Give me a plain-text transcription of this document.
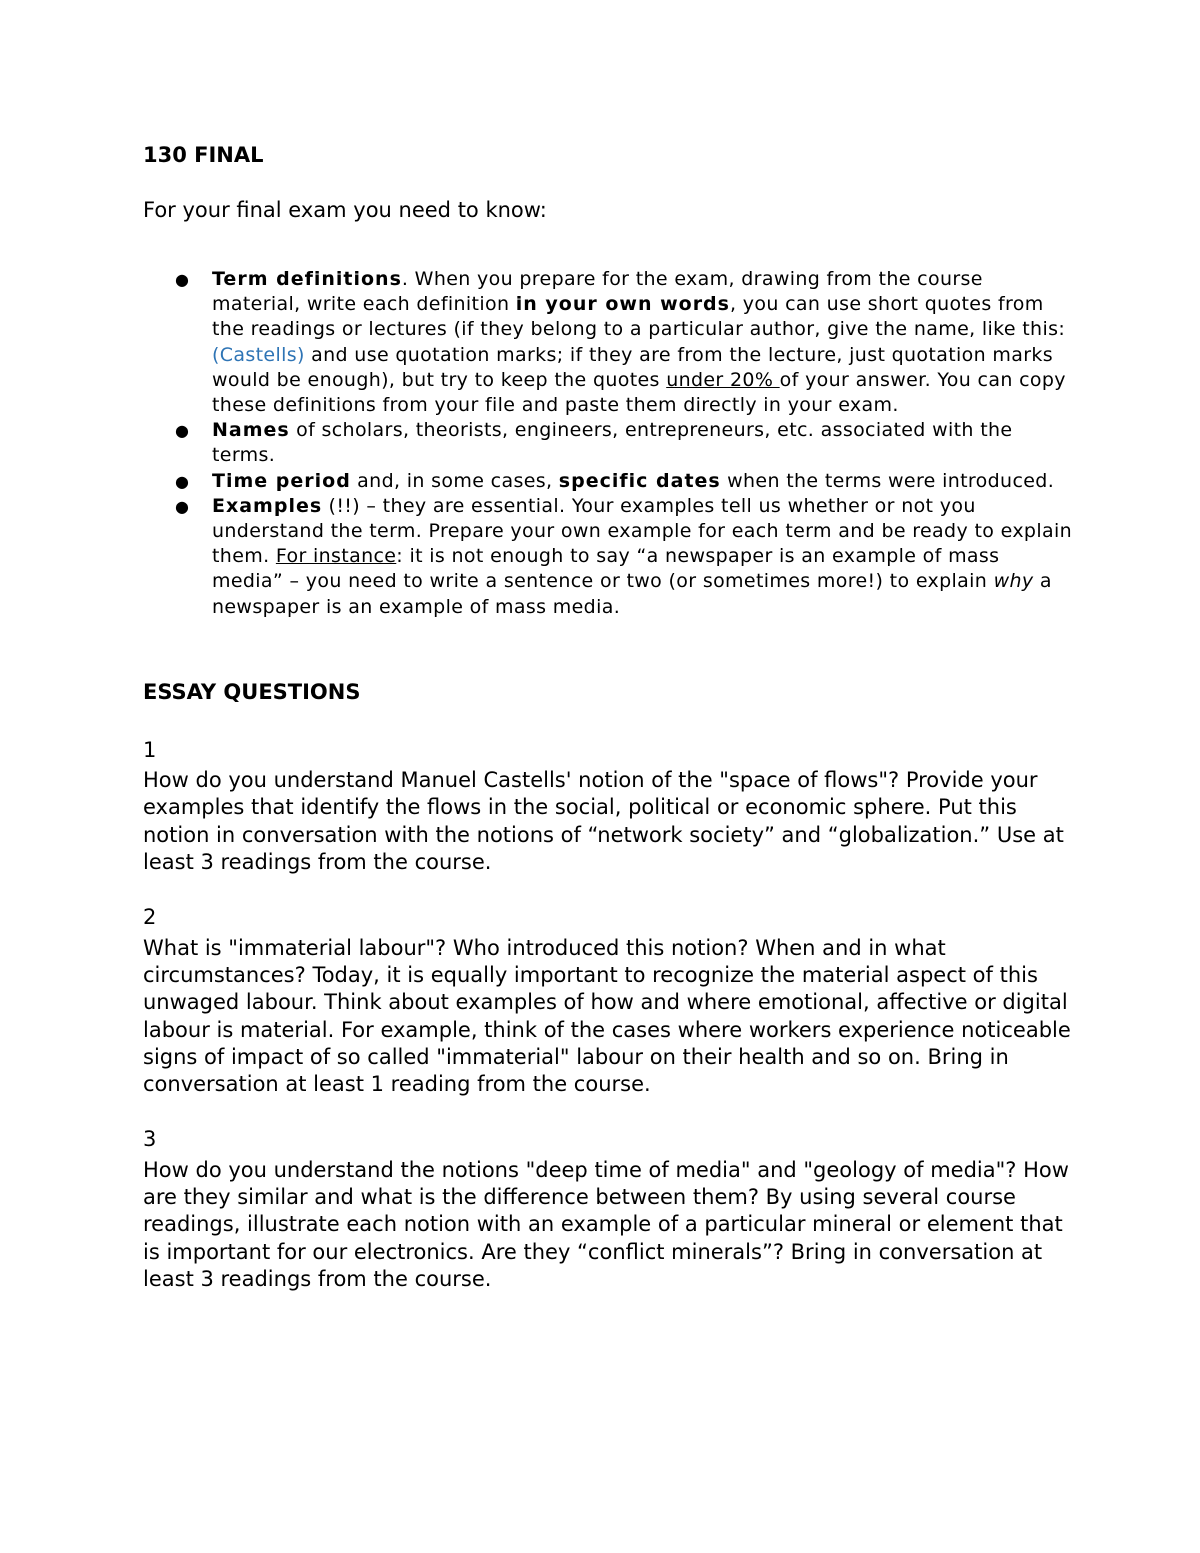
130 FINAL

For your final exam you need to know:

● Term definitions. When you prepare for the exam, drawing from the course material, write each definition in your own words, you can use short quotes from the readings or lectures (if they belong to a particular author, give the name, like this: (Castells) and use quotation marks; if they are from the lecture, just quotation marks would be enough), but try to keep the quotes under 20% of your answer. You can copy these definitions from your file and paste them directly in your exam.
● Names of scholars, theorists, engineers, entrepreneurs, etc. associated with the terms.
● Time period and, in some cases, specific dates when the terms were introduced.
● Examples (!!) – they are essential. Your examples tell us whether or not you understand the term. Prepare your own example for each term and be ready to explain them. For instance: it is not enough to say “a newspaper is an example of mass media” – you need to write a sentence or two (or sometimes more!) to explain why a newspaper is an example of mass media.
ESSAY QUESTIONS
1
How do you understand Manuel Castells' notion of the "space of flows"? Provide your examples that identify the flows in the social, political or economic sphere. Put this notion in conversation with the notions of “network society” and “globalization.” Use at least 3 readings from the course.
2
What is "immaterial labour"? Who introduced this notion? When and in what circumstances? Today, it is equally important to recognize the material aspect of this unwaged labour. Think about examples of how and where emotional, affective or digital labour is material. For example, think of the cases where workers experience noticeable signs of impact of so called "immaterial" labour on their health and so on. Bring in conversation at least 1 reading from the course.
3
How do you understand the notions "deep time of media" and "geology of media"? How are they similar and what is the difference between them? By using several course readings, illustrate each notion with an example of a particular mineral or element that is important for our electronics. Are they “conflict minerals”? Bring in conversation at least 3 readings from the course.
